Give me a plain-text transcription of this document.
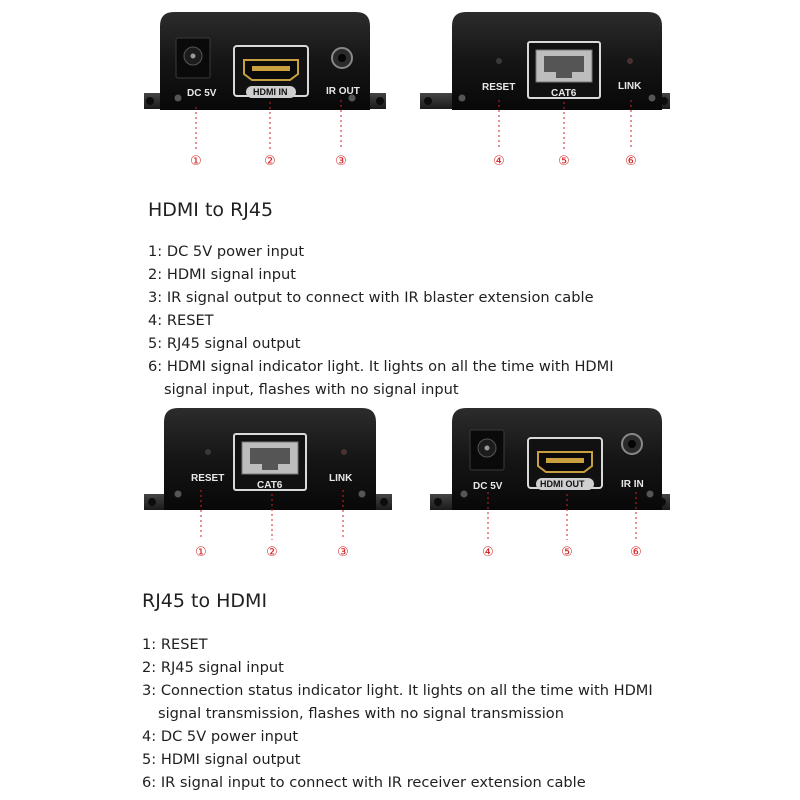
DC 5V	HDMI IN	IR OUT	RESET
CAT6
LINK
①	②	③	④	⑤	⑥
HDMI to RJ45
1: DC 5V power input
2: HDMI signal input
3: IR signal output to connect with IR blaster extension cable
4: RESET
5: RJ45 signal output
6: HDMI signal indicator light. It lights on all the time with HDMI
signal input, flashes with no signal input
RESET
CAT6
LINK
DC 5V	HDMI OUT	IR IN
①	②	③	④	⑤	⑥
RJ45 to HDMI
1: RESET
2: RJ45 signal input
3: Connection status indicator light. It lights on all the time with HDMI
signal transmission, flashes with no signal transmission
4: DC 5V power input
5: HDMI signal output
6: IR signal input to connect with IR receiver extension cable
